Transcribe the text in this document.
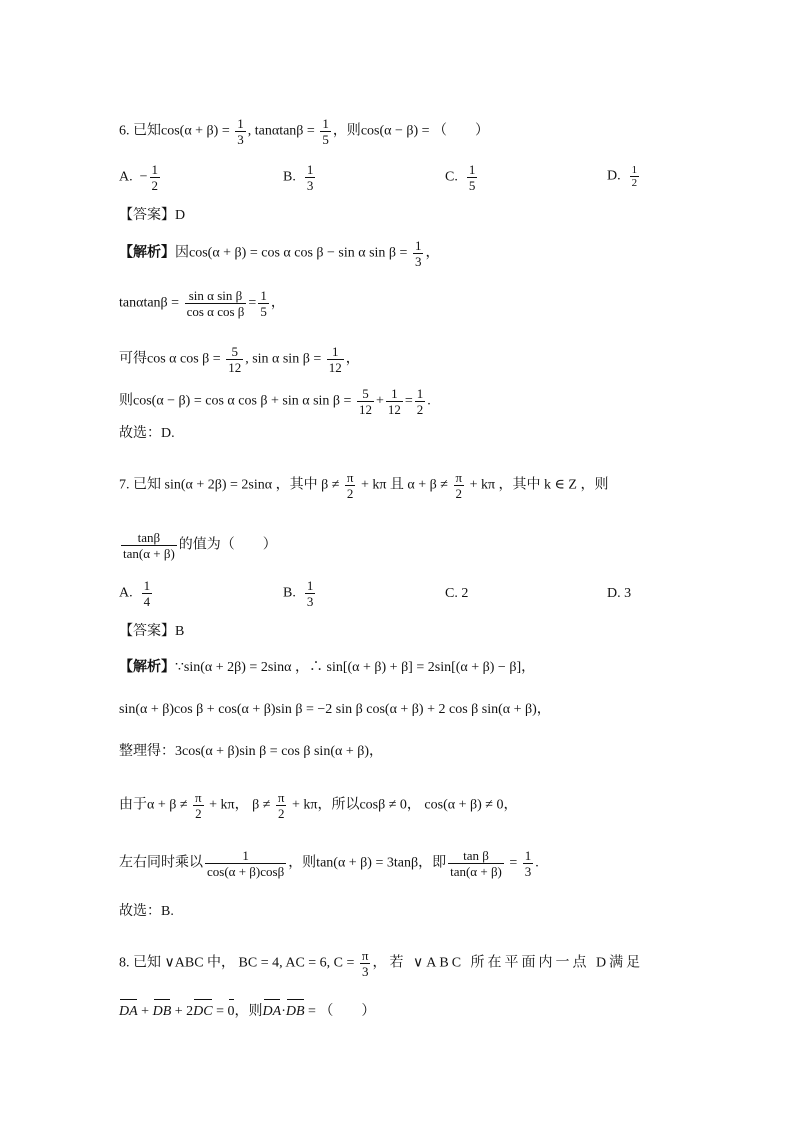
6. 已知$\cos(\alpha + \beta) = \frac{1}{3}$ , $\tan\alpha\tan\beta = \frac{1}{5}$ ，则cos(α − β) = （　　）
A. − $\frac{1}{2}$	B. $\frac{1}{3}$	C. $\frac{1}{5}$	D. $\frac{1}{2}$
【答案】D
【解析】因cos(α + β) = cos α cos β − sin α $\sin \beta = \frac{1}{3}$ ，
$\tan\alpha\tan\beta = \frac{\text{sin α sin β}}{\text{cos α cos β}} = \frac{1}{5}$ ，
可得cos α $\cos \beta = \frac{5}{12}$ , sin α $\sin \beta = \frac{1}{12}$ ，
则cos(α − β) = cos α cos β + sin α $\sin \beta = \frac{5}{12} + \frac{1}{12} = \frac{1}{2}$ .
故选：D.
7. 已知 sin(α + 2β) = 2sinα ，其中 $\beta \ne \frac{\pi}{2} + k\pi$ 且 $\alpha + \beta \ne \frac{\pi}{2} + k\pi$ ，其中 k ∈ Z ，则
$\frac{\tan\beta}{\tan(\alpha + \beta)}$ 的值为（　　）
A. $\frac{1}{4}$	B. $\frac{1}{3}$	C. 2	D. 3
【答案】B
【解析】∵sin(α + 2β) = 2sinα ，∴ sin[(α + β) + β] = 2sin[(α + β) − β]，
sin(α + β)cos β + cos(α + β)sin β = −2 sin β cos(α + β) + 2 cos β sin(α + β)，
整理得：3cos(α + β)sin β = cos β sin(α + β)，
由于$\alpha + \beta \ne \frac{\pi}{2} + k\pi$， $\beta \ne \frac{\pi}{2} + k\pi$，所以cosβ ≠ 0， cos(α + β) ≠ 0，
左右同时乘以 $\frac{1}{\cos(\alpha + \beta)\cos\beta}$ ，则tan(α + β) = 3tanβ，即 $\frac{\text{tan β}}{\tan(\alpha + \beta)} = \frac{1}{3}$ .
故选：B.
8. 已知 ∨ABC 中， BC = 4, AC = 6, $C = \frac{\pi}{3}$ ，若 ∨ABC 所在平面内一点 D满足
DA + DB + 2DC = 0，则DA·DB = （　　）
